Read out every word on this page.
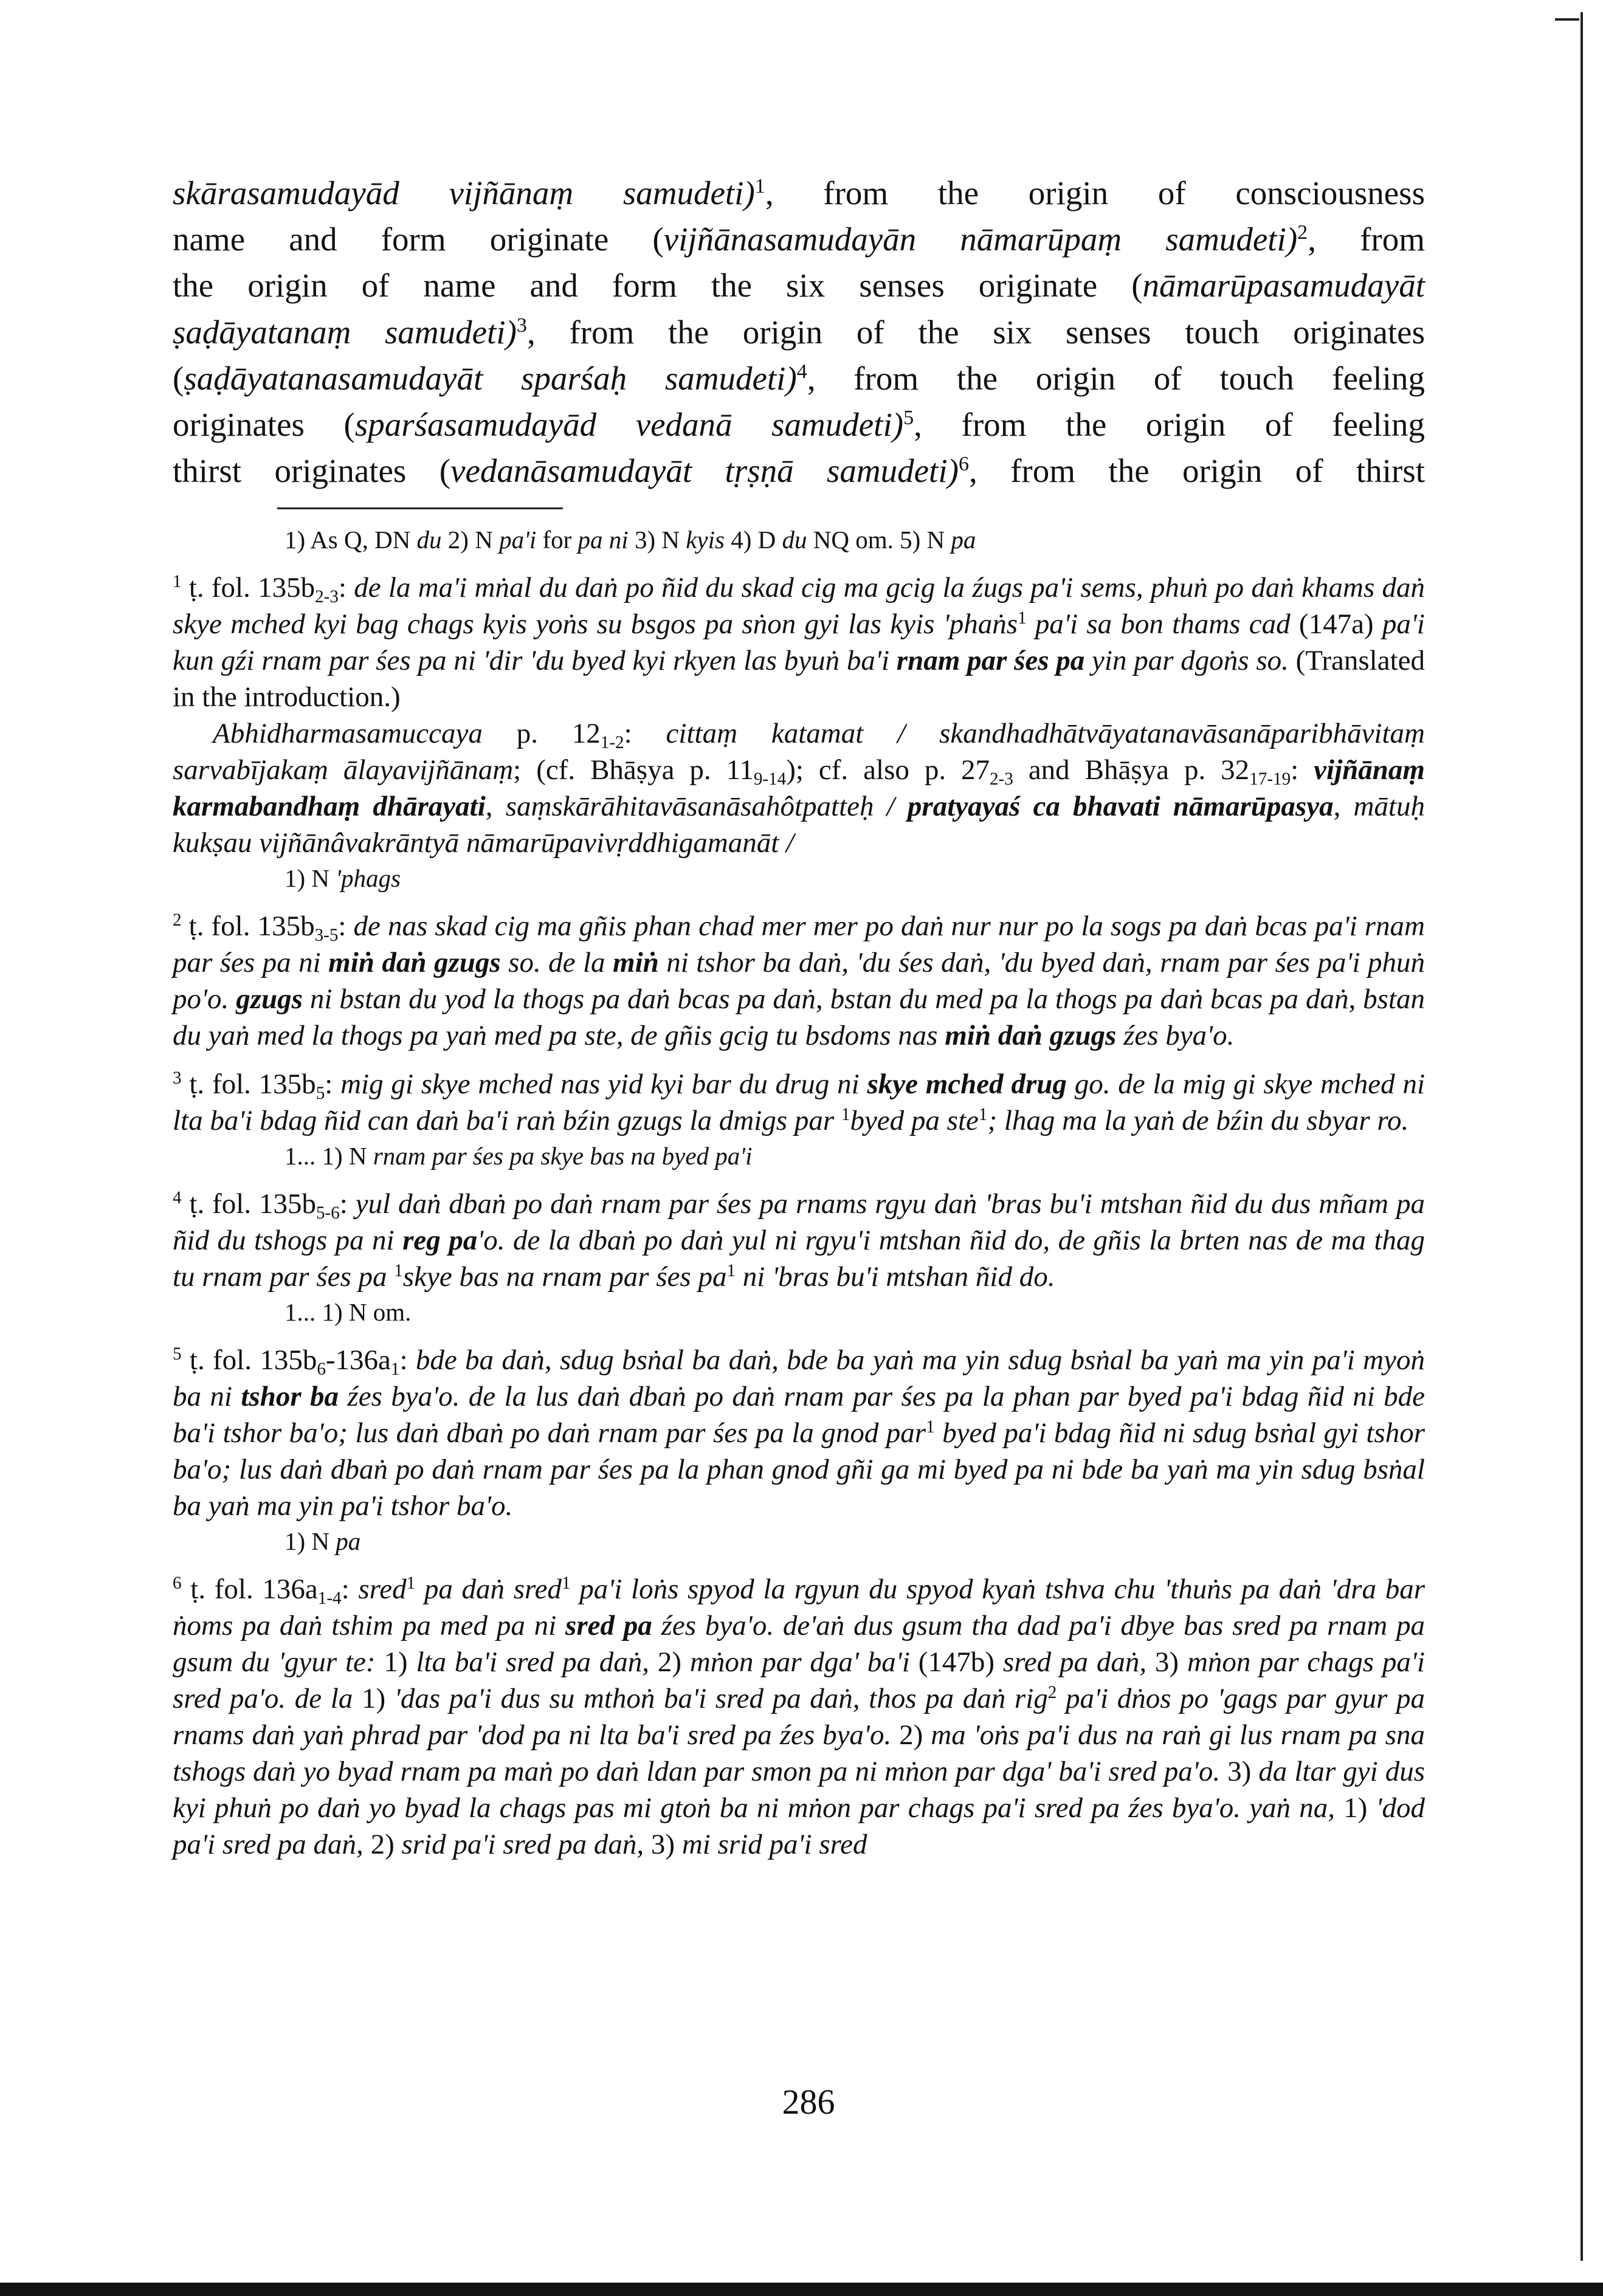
skārasamudayād vijñānaṃ samudeti)$^1$, from the origin of consciousness

name and form originate (vijñānasamudayān nāmarūpaṃ samudeti)$^2$, from

the origin of name and form the six senses originate (nāmarūpasamudayāt

ṣaḍāyatanaṃ samudeti)$^3$, from the origin of the six senses touch originates

(ṣaḍāyatanasamudayāt sparśaḥ samudeti)$^4$, from the origin of touch feeling

originates (sparśasamudayād vedanā samudeti)$^5$, from the origin of feeling

thirst originates (vedanāsamudayāt tṛṣṇā samudeti)$^6$, from the origin of thirst

1) As Q, DN du 2) N pa'i for pa ni 3) N kyis 4) D du NQ om. 5) N pa

$^1$ ṭ. fol. $135b_{2-3}$: de la ma'i mṅal du daṅ po ñid du skad cig ma gcig la źugs pa'i sems, phuṅ po daṅ khams daṅ skye mched kyi bag chags kyis yoṅs su bsgos pa sṅon gyi las kyis 'phaṅs$^1$ pa'i sa bon thams cad (147a) pa'i kun gźi rnam par śes pa ni 'dir 'du byed kyi rkyen las byuṅ ba'i rnam par śes pa yin par dgoṅs so. (Translated in the introduction.)

Abhidharmasamuccaya p. $12_{1-2}$: cittaṃ katamat / skandhadhātvāyatanavāsanāparibhāvitaṃ sarvabījakaṃ ālayavijñānaṃ; (cf. Bhāṣya p. $11_{9-14}$); cf. also p. $27_{2-3}$ and Bhāṣya p. $32_{17-19}$: vijñānaṃ karmabandhaṃ dhārayati, saṃskārāhitavāsanāsahôtpatteḥ / pratyayaś ca bhavati nāmarūpasya, mātuḥ kukṣau vijñānâvakrāntyā nāmarūpavivṛddhigamanāt /

1) N 'phags

$^2$ ṭ. fol. $135b_{3-5}$: de nas skad cig ma gñis phan chad mer mer po daṅ nur nur po la sogs pa daṅ bcas pa'i rnam par śes pa ni miṅ daṅ gzugs so. de la miṅ ni tshor ba daṅ, 'du śes daṅ, 'du byed daṅ, rnam par śes pa'i phuṅ po'o. gzugs ni bstan du yod la thogs pa daṅ bcas pa daṅ, bstan du med pa la thogs pa daṅ bcas pa daṅ, bstan du yaṅ med la thogs pa yaṅ med pa ste, de gñis gcig tu bsdoms nas miṅ daṅ gzugs źes bya'o.

$^3$ ṭ. fol. $135b_5$: mig gi skye mched nas yid kyi bar du drug ni skye mched drug go. de la mig gi skye mched ni lta ba'i bdag ñid can daṅ ba'i raṅ bźin gzugs la dmigs par $^1$byed pa ste$^1$; lhag ma la yaṅ de bźin du sbyar ro.

1... 1) N rnam par śes pa skye bas na byed pa'i

$^4$ ṭ. fol. $135b_{5-6}$: yul daṅ dbaṅ po daṅ rnam par śes pa rnams rgyu daṅ 'bras bu'i mtshan ñid du dus mñam pa ñid du tshogs pa ni reg pa'o. de la dbaṅ po daṅ yul ni rgyu'i mtshan ñid do, de gñis la brten nas de ma thag tu rnam par śes pa $^1$skye bas na rnam par śes $pa^1$ ni 'bras bu'i mtshan ñid do.

1... 1) N om.

$^5$ ṭ. fol. $135b_6-136a_1$: bde ba daṅ, sdug bsṅal ba daṅ, bde ba yaṅ ma yin sdug bsṅal ba yaṅ ma yin pa'i myoṅ ba ni tshor ba źes bya'o. de la lus daṅ dbaṅ po daṅ rnam par śes pa la phan par byed pa'i bdag ñid ni bde ba'i tshor ba'o; lus daṅ dbaṅ po daṅ rnam par śes pa la gnod par$^1$ byed pa'i bdag ñid ni sdug bsṅal gyi tshor ba'o; lus daṅ dbaṅ po daṅ rnam par śes pa la phan gnod gñi ga mi byed pa ni bde ba yaṅ ma yin sdug bsṅal ba yaṅ ma yin pa'i tshor ba'o.

1) N pa

$^6$ ṭ. fol. $136a_{1-4}$: sred$^1$ pa daṅ sred$^1$ pa'i loṅs spyod la rgyun du spyod kyaṅ tshva chu 'thuṅs pa daṅ 'dra bar ṅoms pa daṅ tshim pa med pa ni sred pa źes bya'o. de'aṅ dus gsum tha dad pa'i dbye bas sred pa rnam pa gsum du 'gyur te: 1) lta ba'i sred pa daṅ, 2) mṅon par dga' ba'i (147b) sred pa daṅ, 3) mṅon par chags pa'i sred pa'o. de la 1) 'das pa'i dus su mthoṅ ba'i sred pa daṅ, thos pa daṅ rig$^2$ pa'i dṅos po 'gags par gyur pa rnams daṅ yaṅ phrad par 'dod pa ni lta ba'i sred pa źes bya'o. 2) ma 'oṅs pa'i dus na raṅ gi lus rnam pa sna tshogs daṅ yo byad rnam pa maṅ po daṅ ldan par smon pa ni mṅon par dga' ba'i sred pa'o. 3) da ltar gyi dus kyi phuṅ po daṅ yo byad la chags pas mi gtoṅ ba ni mṅon par chags pa'i sred pa źes bya'o. yaṅ na, 1) 'dod pa'i sred pa daṅ, 2) srid pa'i sred pa daṅ, 3) mi srid pa'i sred

286
